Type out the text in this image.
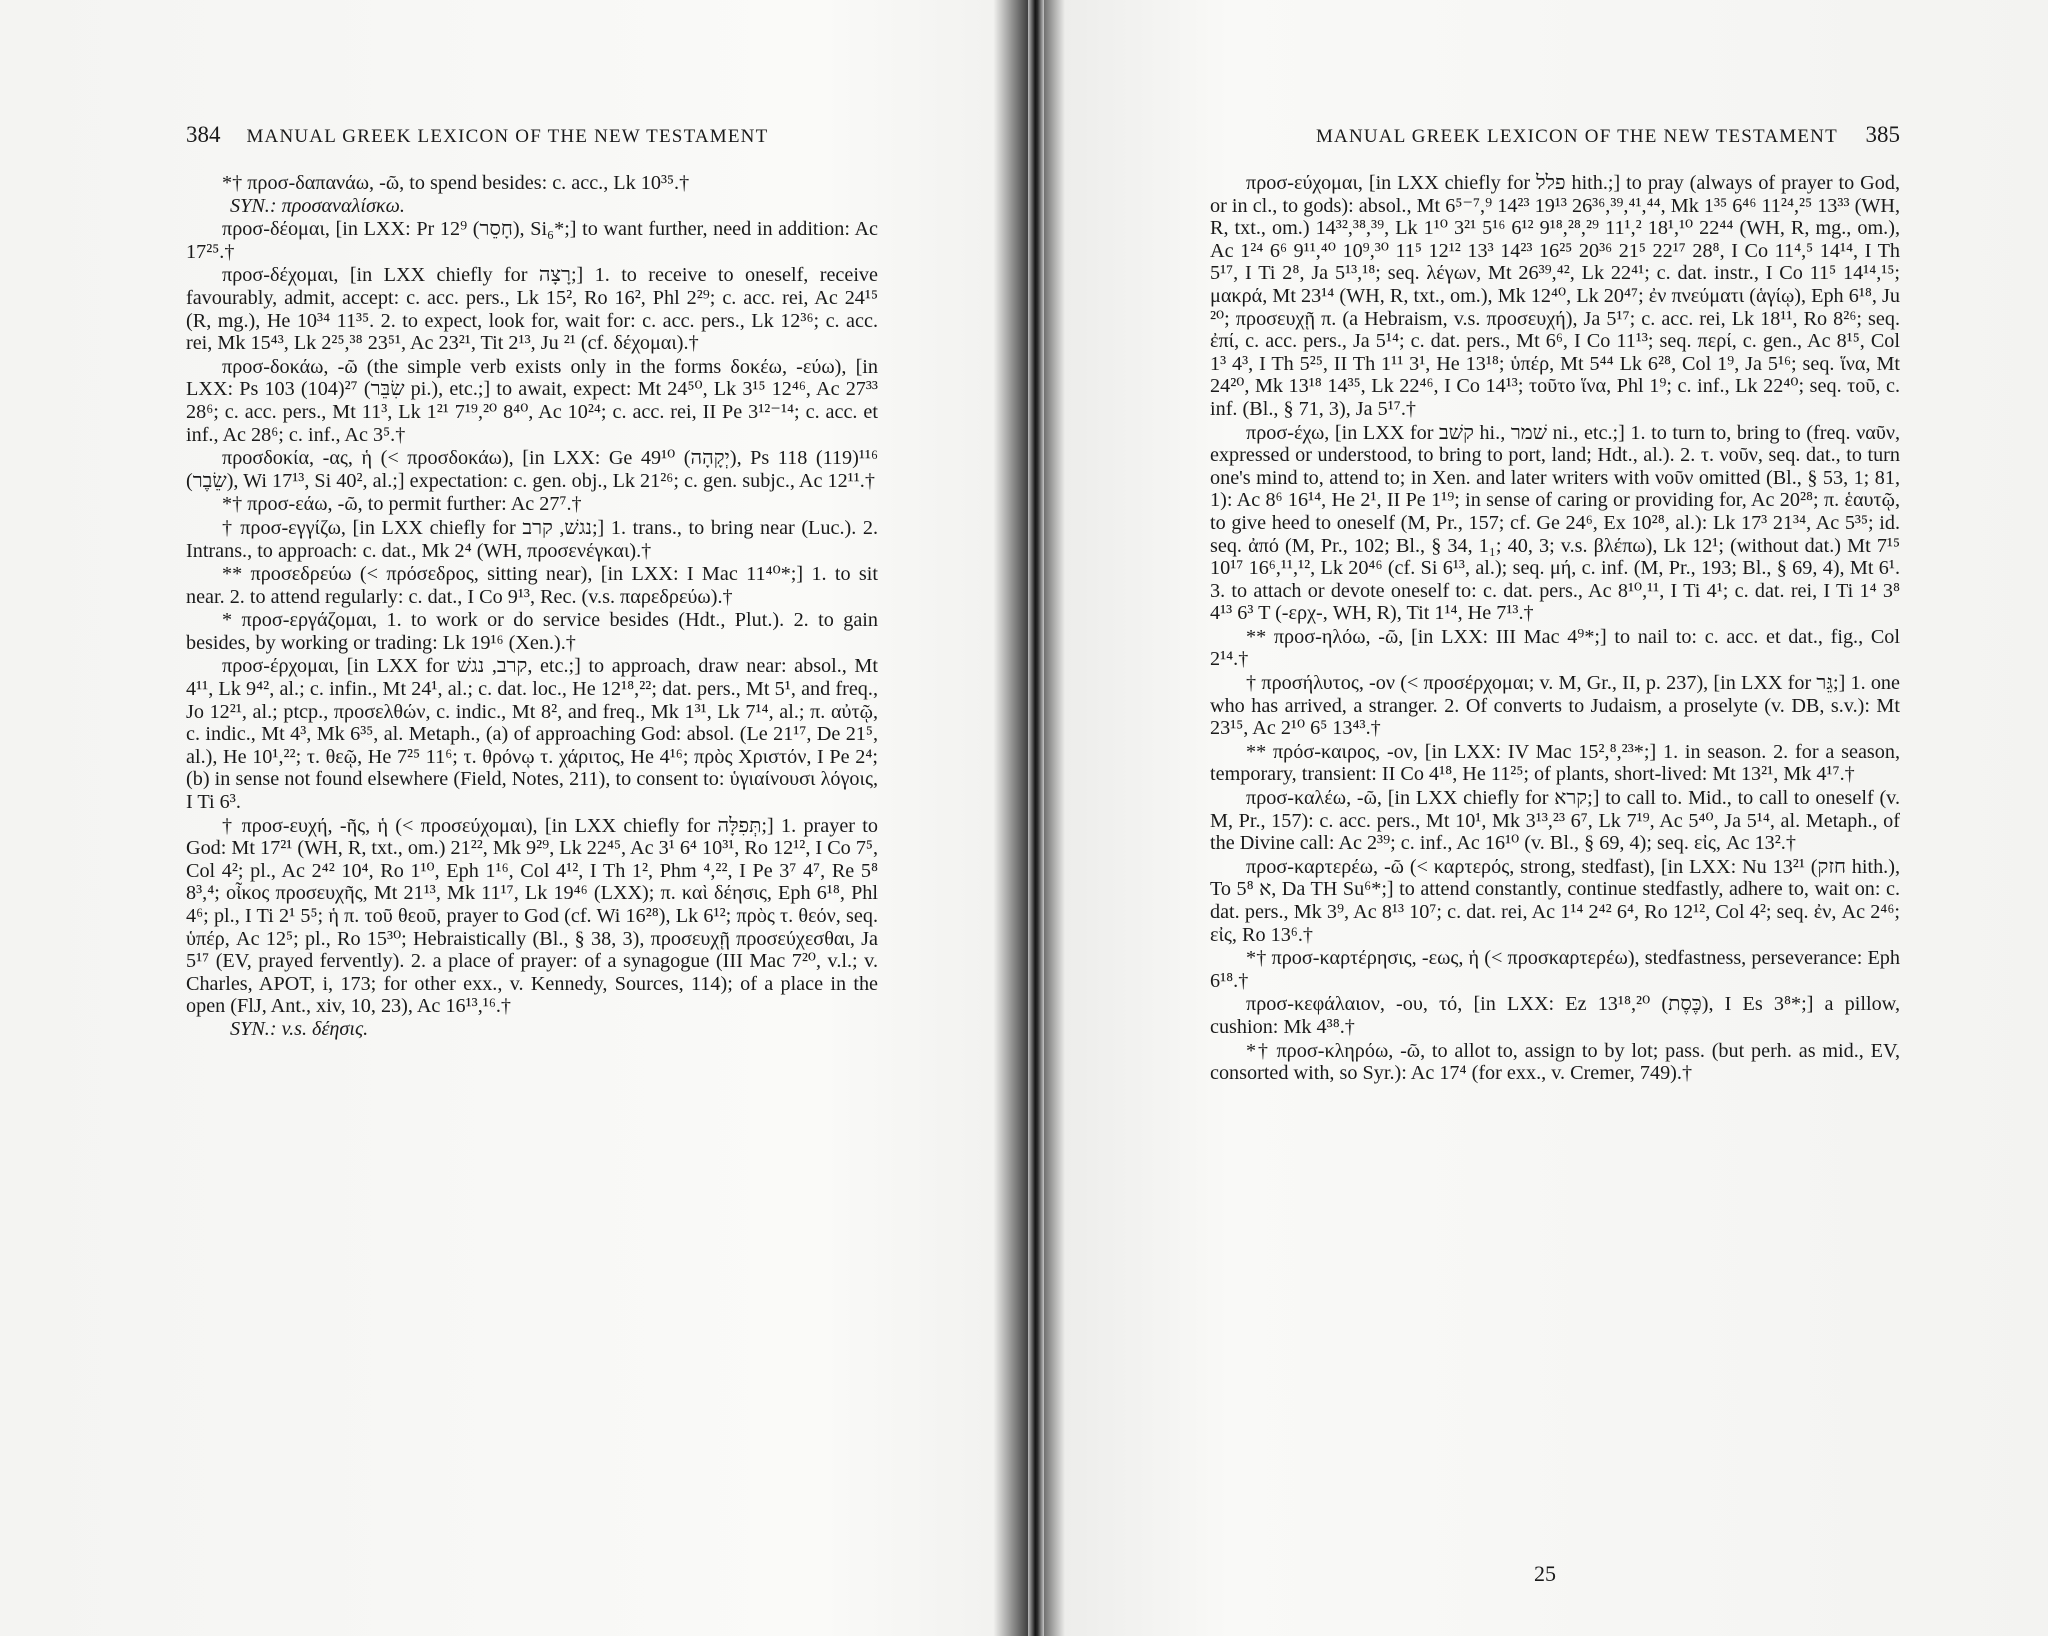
384 MANUAL GREEK LEXICON OF THE NEW TESTAMENT

*† προσ-δαπανάω, -ῶ, to spend besides: c. acc., Lk 10³⁵.†

SYN.: προσαναλίσκω.

προσ-δέομαι, [in LXX: Pr 12⁹ (חָסֵר), Si₆*;] to want further, need in addition: Ac 17²⁵.†

προσ-δέχομαι, [in LXX chiefly for רָצָה;] 1. to receive to oneself, receive favourably, admit, accept: c. acc. pers., Lk 15², Ro 16², Phl 2²⁹; c. acc. rei, Ac 24¹⁵ (R, mg.), He 10³⁴ 11³⁵. 2. to expect, look for, wait for: c. acc. pers., Lk 12³⁶; c. acc. rei, Mk 15⁴³, Lk 2²⁵,³⁸ 23⁵¹, Ac 23²¹, Tit 2¹³, Ju ²¹ (cf. δέχομαι).†

προσ-δοκάω, -ῶ (the simple verb exists only in the forms δοκέω, -εύω), [in LXX: Ps 103 (104)²⁷ (שִׂבֵּר pi.), etc.;] to await, expect: Mt 24⁵⁰, Lk 3¹⁵ 12⁴⁶, Ac 27³³ 28⁶; c. acc. pers., Mt 11³, Lk 1²¹ 7¹⁹,²⁰ 8⁴⁰, Ac 10²⁴; c. acc. rei, II Pe 3¹²⁻¹⁴; c. acc. et inf., Ac 28⁶; c. inf., Ac 3⁵.†

προσδοκία, -ας, ἡ (< προσδοκάω), [in LXX: Ge 49¹⁰ (יְקָהָה), Ps 118 (119)¹¹⁶ (שֵׂבֶר), Wi 17¹³, Si 40², al.;] expectation: c. gen. obj., Lk 21²⁶; c. gen. subjc., Ac 12¹¹.†

*† προσ-εάω, -ῶ, to permit further: Ac 27⁷.†

† προσ-εγγίζω, [in LXX chiefly for נגשׁ, קרב;] 1. trans., to bring near (Luc.). 2. Intrans., to approach: c. dat., Mk 2⁴ (WH, προσενέγκαι).†

** προσεδρεύω (< πρόσεδρος, sitting near), [in LXX: I Mac 11⁴⁰*;] 1. to sit near. 2. to attend regularly: c. dat., I Co 9¹³, Rec. (v.s. παρεδρεύω).†

* προσ-εργάζομαι, 1. to work or do service besides (Hdt., Plut.). 2. to gain besides, by working or trading: Lk 19¹⁶ (Xen.).†

προσ-έρχομαι, [in LXX for קרב, נגשׁ, etc.;] to approach, draw near: absol., Mt 4¹¹, Lk 9⁴², al.; c. infin., Mt 24¹, al.; c. dat. loc., He 12¹⁸,²²; dat. pers., Mt 5¹, and freq., Jo 12²¹, al.; ptcp., προσελθών, c. indic., Mt 8², and freq., Mk 1³¹, Lk 7¹⁴, al.; π. αὐτῷ, c. indic., Mt 4³, Mk 6³⁵, al. Metaph., (a) of approaching God: absol. (Le 21¹⁷, De 21⁵, al.), He 10¹,²²; τ. θεῷ, He 7²⁵ 11⁶; τ. θρόνῳ τ. χάριτος, He 4¹⁶; πρὸς Χριστόν, I Pe 2⁴; (b) in sense not found elsewhere (Field, Notes, 211), to consent to: ὑγιαίνουσι λόγοις, I Ti 6³.

† προσ-ευχή, -ῆς, ἡ (< προσεύχομαι), [in LXX chiefly for תְּפִלָּה;] 1. prayer to God: Mt 17²¹ (WH, R, txt., om.) 21²², Mk 9²⁹, Lk 22⁴⁵, Ac 3¹ 6⁴ 10³¹, Ro 12¹², I Co 7⁵, Col 4²; pl., Ac 2⁴² 10⁴, Ro 1¹⁰, Eph 1¹⁶, Col 4¹², I Th 1², Phm ⁴,²², I Pe 3⁷ 4⁷, Re 5⁸ 8³,⁴; οἶκος προσευχῆς, Mt 21¹³, Mk 11¹⁷, Lk 19⁴⁶ (LXX); π. καὶ δέησις, Eph 6¹⁸, Phl 4⁶; pl., I Ti 2¹ 5⁵; ἡ π. τοῦ θεοῦ, prayer to God (cf. Wi 16²⁸), Lk 6¹²; πρὸς τ. θεόν, seq. ὑπέρ, Ac 12⁵; pl., Ro 15³⁰; Hebraistically (Bl., § 38, 3), προσευχῇ προσεύχεσθαι, Ja 5¹⁷ (EV, prayed fervently). 2. a place of prayer: of a synagogue (III Mac 7²⁰, v.l.; v. Charles, APOT, i, 173; for other exx., v. Kennedy, Sources, 114); of a place in the open (FlJ, Ant., xiv, 10, 23), Ac 16¹³,¹⁶.†

SYN.: v.s. δέησις.

MANUAL GREEK LEXICON OF THE NEW TESTAMENT 385

προσ-εύχομαι, [in LXX chiefly for פלל hith.;] to pray (always of prayer to God, or in cl., to gods): absol., Mt 6⁵⁻⁷,⁹ 14²³ 19¹³ 26³⁶,³⁹,⁴¹,⁴⁴, Mk 1³⁵ 6⁴⁶ 11²⁴,²⁵ 13³³ (WH, R, txt., om.) 14³²,³⁸,³⁹, Lk 1¹⁰ 3²¹ 5¹⁶ 6¹² 9¹⁸,²⁸,²⁹ 11¹,² 18¹,¹⁰ 22⁴⁴ (WH, R, mg., om.), Ac 1²⁴ 6⁶ 9¹¹,⁴⁰ 10⁹,³⁰ 11⁵ 12¹² 13³ 14²³ 16²⁵ 20³⁶ 21⁵ 22¹⁷ 28⁸, I Co 11⁴,⁵ 14¹⁴, I Th 5¹⁷, I Ti 2⁸, Ja 5¹³,¹⁸; seq. λέγων, Mt 26³⁹,⁴², Lk 22⁴¹; c. dat. instr., I Co 11⁵ 14¹⁴,¹⁵; μακρά, Mt 23¹⁴ (WH, R, txt., om.), Mk 12⁴⁰, Lk 20⁴⁷; ἐν πνεύματι (ἁγίῳ), Eph 6¹⁸, Ju ²⁰; προσευχῇ π. (a Hebraism, v.s. προσευχή), Ja 5¹⁷; c. acc. rei, Lk 18¹¹, Ro 8²⁶; seq. ἐπί, c. acc. pers., Ja 5¹⁴; c. dat. pers., Mt 6⁶, I Co 11¹³; seq. περί, c. gen., Ac 8¹⁵, Col 1³ 4³, I Th 5²⁵, II Th 1¹¹ 3¹, He 13¹⁸; ὑπέρ, Mt 5⁴⁴ Lk 6²⁸, Col 1⁹, Ja 5¹⁶; seq. ἵνα, Mt 24²⁰, Mk 13¹⁸ 14³⁵, Lk 22⁴⁶, I Co 14¹³; τοῦτο ἵνα, Phl 1⁹; c. inf., Lk 22⁴⁰; seq. τοῦ, c. inf. (Bl., § 71, 3), Ja 5¹⁷.†

προσ-έχω, [in LXX for קשׁב hi., שׁמר ni., etc.;] 1. to turn to, bring to (freq. ναῦν, expressed or understood, to bring to port, land; Hdt., al.). 2. τ. νοῦν, seq. dat., to turn one's mind to, attend to; in Xen. and later writers with νοῦν omitted (Bl., § 53, 1; 81, 1): Ac 8⁶ 16¹⁴, He 2¹, II Pe 1¹⁹; in sense of caring or providing for, Ac 20²⁸; π. ἑαυτῷ, to give heed to oneself (M, Pr., 157; cf. Ge 24⁶, Ex 10²⁸, al.): Lk 17³ 21³⁴, Ac 5³⁵; id. seq. ἀπό (M, Pr., 102; Bl., § 34, 1₁; 40, 3; v.s. βλέπω), Lk 12¹; (without dat.) Mt 7¹⁵ 10¹⁷ 16⁶,¹¹,¹², Lk 20⁴⁶ (cf. Si 6¹³, al.); seq. μή, c. inf. (M, Pr., 193; Bl., § 69, 4), Mt 6¹. 3. to attach or devote oneself to: c. dat. pers., Ac 8¹⁰,¹¹, I Ti 4¹; c. dat. rei, I Ti 1⁴ 3⁸ 4¹³ 6³ T (-ερχ-, WH, R), Tit 1¹⁴, He 7¹³.†

** προσ-ηλόω, -ῶ, [in LXX: III Mac 4⁹*;] to nail to: c. acc. et dat., fig., Col 2¹⁴.†

† προσήλυτος, -ον (< προσέρχομαι; v. M, Gr., II, p. 237), [in LXX for גֵּר;] 1. one who has arrived, a stranger. 2. Of converts to Judaism, a proselyte (v. DB, s.v.): Mt 23¹⁵, Ac 2¹⁰ 6⁵ 13⁴³.†

** πρόσ-καιρος, -ον, [in LXX: IV Mac 15²,⁸,²³*;] 1. in season. 2. for a season, temporary, transient: II Co 4¹⁸, He 11²⁵; of plants, short-lived: Mt 13²¹, Mk 4¹⁷.†

προσ-καλέω, -ῶ, [in LXX chiefly for קרא;] to call to. Mid., to call to oneself (v. M, Pr., 157): c. acc. pers., Mt 10¹, Mk 3¹³,²³ 6⁷, Lk 7¹⁹, Ac 5⁴⁰, Ja 5¹⁴, al. Metaph., of the Divine call: Ac 2³⁹; c. inf., Ac 16¹⁰ (v. Bl., § 69, 4); seq. εἰς, Ac 13².†

προσ-καρτερέω, -ῶ (< καρτερός, strong, stedfast), [in LXX: Nu 13²¹ (חזק hith.), To 5⁸ א, Da TH Su⁶*;] to attend constantly, continue stedfastly, adhere to, wait on: c. dat. pers., Mk 3⁹, Ac 8¹³ 10⁷; c. dat. rei, Ac 1¹⁴ 2⁴² 6⁴, Ro 12¹², Col 4²; seq. ἐν, Ac 2⁴⁶; εἰς, Ro 13⁶.†

*† προσ-καρτέρησις, -εως, ἡ (< προσκαρτερέω), stedfastness, perseverance: Eph 6¹⁸.†

προσ-κεφάλαιον, -ου, τό, [in LXX: Ez 13¹⁸,²⁰ (כֶּסֶת), I Es 3⁸*;] a pillow, cushion: Mk 4³⁸.†

*† προσ-κληρόω, -ῶ, to allot to, assign to by lot; pass. (but perh. as mid., EV, consorted with, so Syr.): Ac 17⁴ (for exx., v. Cremer, 749).†

25
